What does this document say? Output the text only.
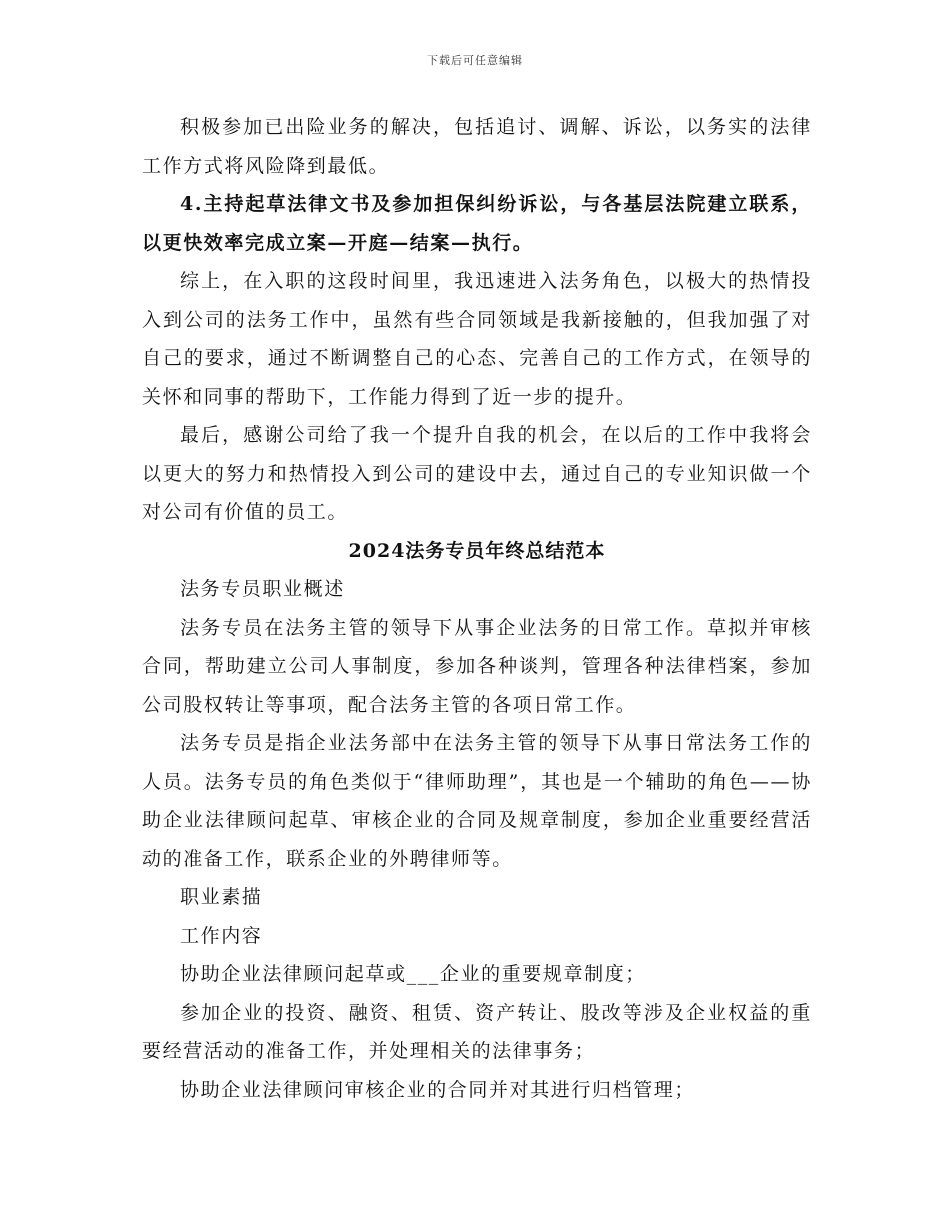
下载后可任意编辑

积极参加已出险业务的解决，包括追讨、调解、诉讼，以务实的法律工作方式将风险降到最低。

4.主持起草法律文书及参加担保纠纷诉讼，与各基层法院建立联系，以更快效率完成立案—开庭—结案—执行。

综上，在入职的这段时间里，我迅速进入法务角色，以极大的热情投入到公司的法务工作中，虽然有些合同领域是我新接触的，但我加强了对自己的要求，通过不断调整自己的心态、完善自己的工作方式，在领导的关怀和同事的帮助下，工作能力得到了近一步的提升。

最后，感谢公司给了我一个提升自我的机会，在以后的工作中我将会以更大的努力和热情投入到公司的建设中去，通过自己的专业知识做一个对公司有价值的员工。

2024法务专员年终总结范本

法务专员职业概述

法务专员在法务主管的领导下从事企业法务的日常工作。草拟并审核合同，帮助建立公司人事制度，参加各种谈判，管理各种法律档案，参加公司股权转让等事项，配合法务主管的各项日常工作。

法务专员是指企业法务部中在法务主管的领导下从事日常法务工作的人员。法务专员的角色类似于“律师助理”，其也是一个辅助的角色——协助企业法律顾问起草、审核企业的合同及规章制度，参加企业重要经营活动的准备工作，联系企业的外聘律师等。

职业素描

工作内容

协助企业法律顾问起草或___企业的重要规章制度；

参加企业的投资、融资、租赁、资产转让、股改等涉及企业权益的重要经营活动的准备工作，并处理相关的法律事务；

协助企业法律顾问审核企业的合同并对其进行归档管理；
